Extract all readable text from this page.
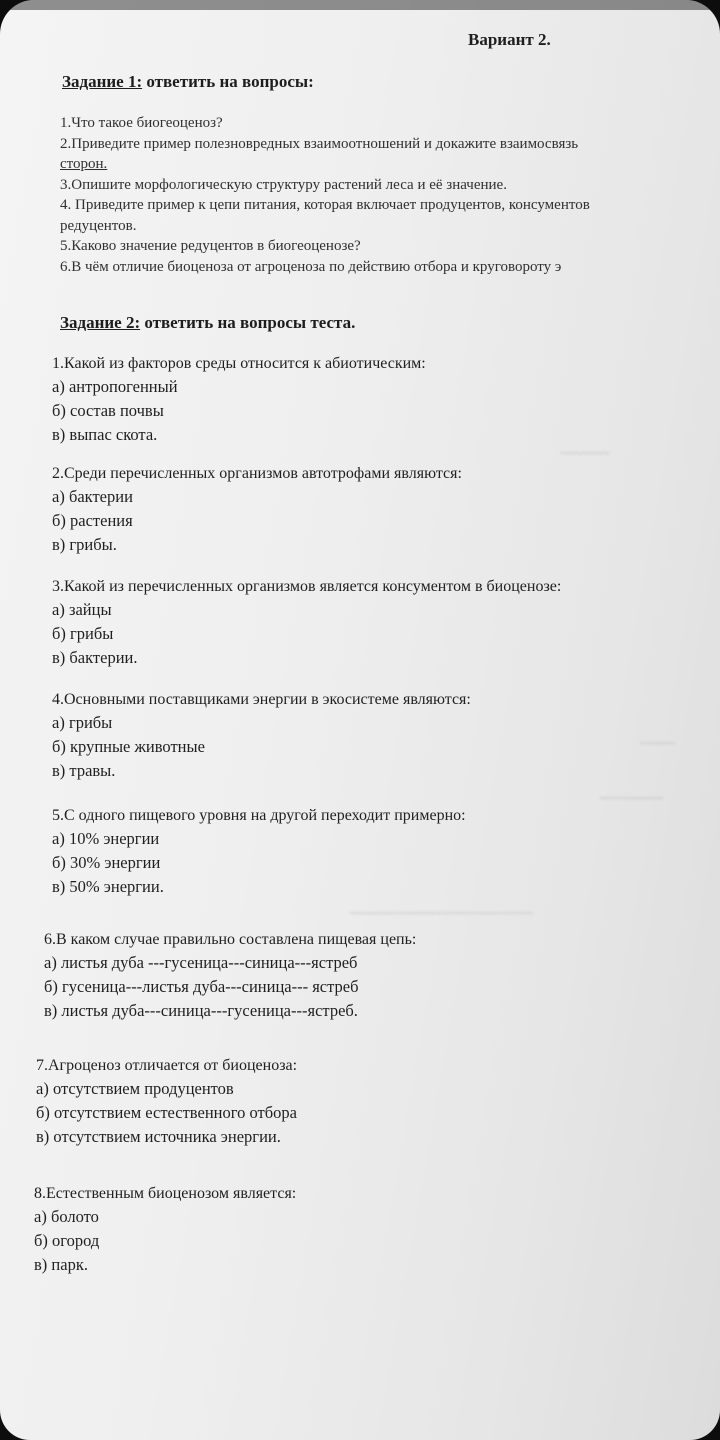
~~~~~~~
~~~~~
~~~~~~~~~
~~~~~~~~~~~~~~~~~~~~~~~~~~
Вариант 2.
Задание 1: ответить на вопросы:
1.Что такое биогеоценоз?
2.Приведите пример полезновредных взаимоотношений и докажите взаимосвязь
сторон.
3.Опишите морфологическую структуру растений леса и её значение.
4. Приведите пример к цепи питания, которая включает продуцентов, консументов
редуцентов.
5.Каково значение редуцентов в биогеоценозе?
6.В чём отличие биоценоза от агроценоза по действию отбора и круговороту э
Задание 2: ответить на вопросы теста.
1.Какой из факторов среды относится к абиотическим:
а) антропогенный
б) состав почвы
в) выпас скота.
2.Среди перечисленных организмов автотрофами являются:
а) бактерии
б) растения
в) грибы.
3.Какой из перечисленных организмов является консументом в биоценозе:
а) зайцы
б) грибы
в) бактерии.
4.Основными поставщиками энергии в экосистеме являются:
а) грибы
б) крупные животные
в) травы.
5.С одного пищевого уровня на другой переходит примерно:
а) 10% энергии
б) 30% энергии
в) 50% энергии.
6.В каком случае правильно составлена пищевая цепь:
а) листья дуба ---гусеница---синица---ястреб
б) гусеница---листья дуба---синица--- ястреб
в) листья дуба---синица---гусеница---ястреб.
7.Агроценоз отличается от биоценоза:
а) отсутствием продуцентов
б) отсутствием естественного отбора
в) отсутствием источника энергии.
8.Естественным биоценозом является:
а) болото
б) огород
в) парк.
